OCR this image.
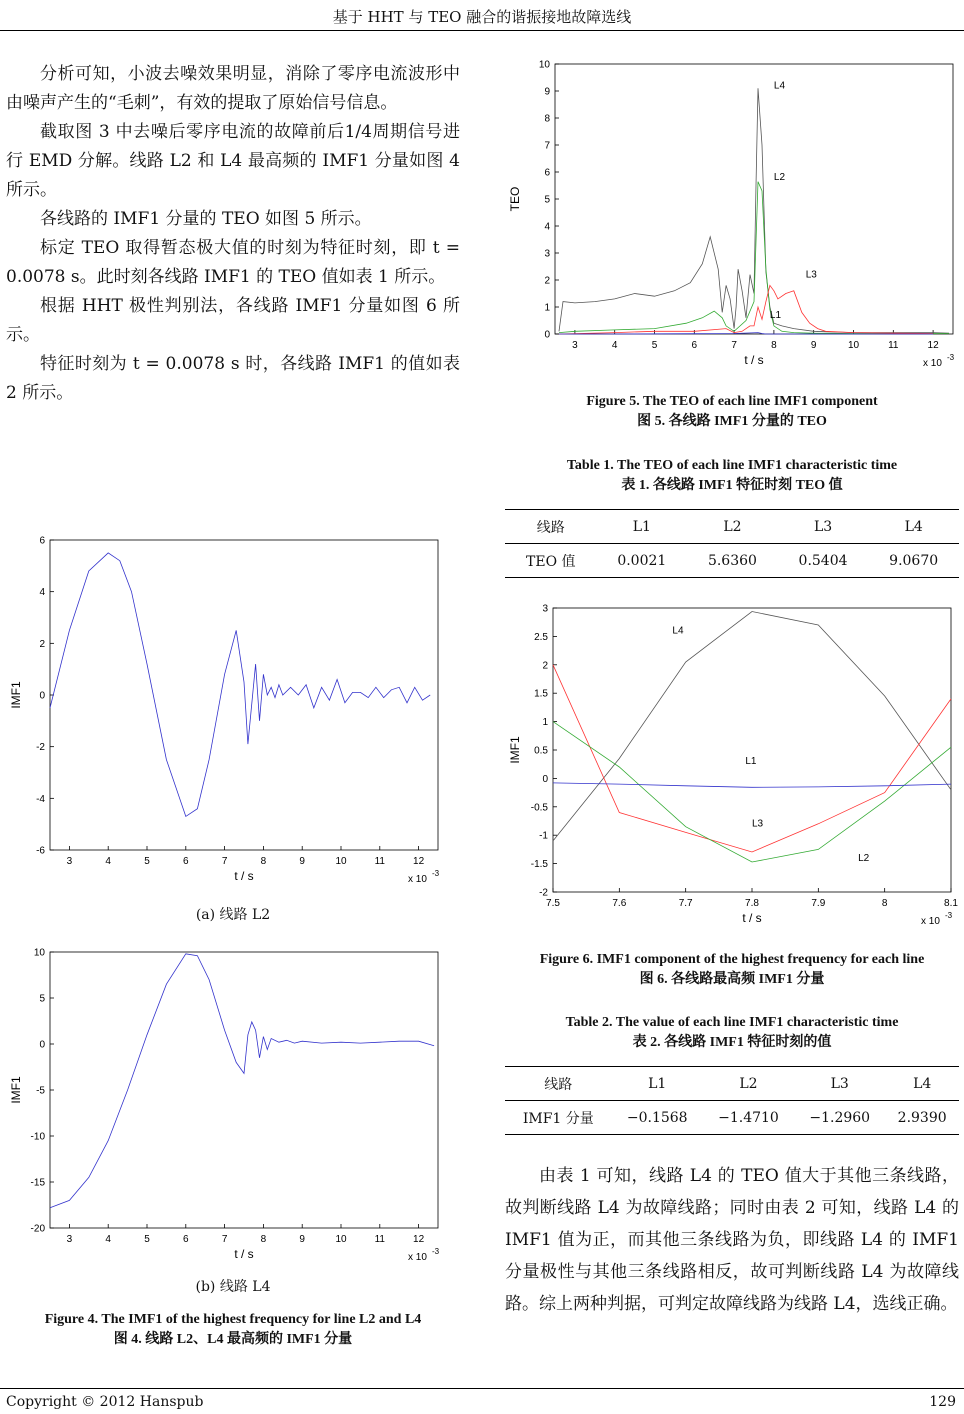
基于 HHT 与 TEO 融合的谐振接地故障选线

分析可知，小波去噪效果明显，消除了零序电流波形中由噪声产生的“毛刺”，有效的提取了原始信号信息。

截取图 3 中去噪后零序电流的故障前后1/4周期信号进行 EMD 分解。线路 L2 和 L4 最高频的 IMF1 分量如图 4 所示。

各线路的 IMF1 分量的 TEO 如图 5 所示。

标定 TEO 取得暂态极大值的时刻为特征时刻，即 t = 0.0078 s。此时刻各线路 IMF1 的 TEO 值如表 1 所示。

根据 HHT 极性判别法，各线路 IMF1 分量如图 6 所示。

特征时刻为 t = 0.0078 s 时，各线路 IMF1 的值如表 2 所示。

3	4	5	6	7	8	9	10	11	12
-6
-4
-2
0
2
4
6
t / s
IMF1
x 10
-3
(a) 线路 L2
3	4	5	6	7	8	9	10	11	12
-20
-15
-10
-5
0
5
10
t / s
IMF1
x 10
-3
(b) 线路 L4
Figure 4. The IMF1 of the highest frequency for line L2 and L4
图 4. 线路 L2、L4 最高频的 IMF1 分量
3	4	5	6	7	8	9	10	11	12
0
1
2
3
4
5
6
7
8
9
10
t / s
TEO
x 10
-3
L4
L2
L3
L1
Figure 5. The TEO of each line IMF1 component
图 5. 各线路 IMF1 分量的 TEO
Table 1. The TEO of each line IMF1 characteristic time
表 1. 各线路 IMF1 特征时刻 TEO 值
线路	L1	L2	L3	L4
TEO 值	0.0021	5.6360	0.5404	9.0670
7.5	7.6	7.7	7.8	7.9	8	8.1
-2
-1.5
-1
-0.5
0
0.5
1
1.5
2
2.5
3
t / s
IMF1
x 10
-3
L4
L1
L3
L2
Figure 6. IMF1 component of the highest frequency for each line
图 6. 各线路最高频 IMF1 分量
Table 2. The value of each line IMF1 characteristic time
表 2. 各线路 IMF1 特征时刻的值
线路	L1	L2	L3	L4
IMF1 分量	−0.1568	−1.4710	−1.2960	2.9390

由表 1 可知，线路 L4 的 TEO 值大于其他三条线路，故判断线路 L4 为故障线路；同时由表 2 可知，线路 L4 的 IMF1 值为正，而其他三条线路为负，即线路 L4 的 IMF1 分量极性与其他三条线路相反，故可判断线路 L4 为故障线路。综上两种判据，可判定故障线路为线路 L4，选线正确。

Copyright © 2012 Hanspub	129
